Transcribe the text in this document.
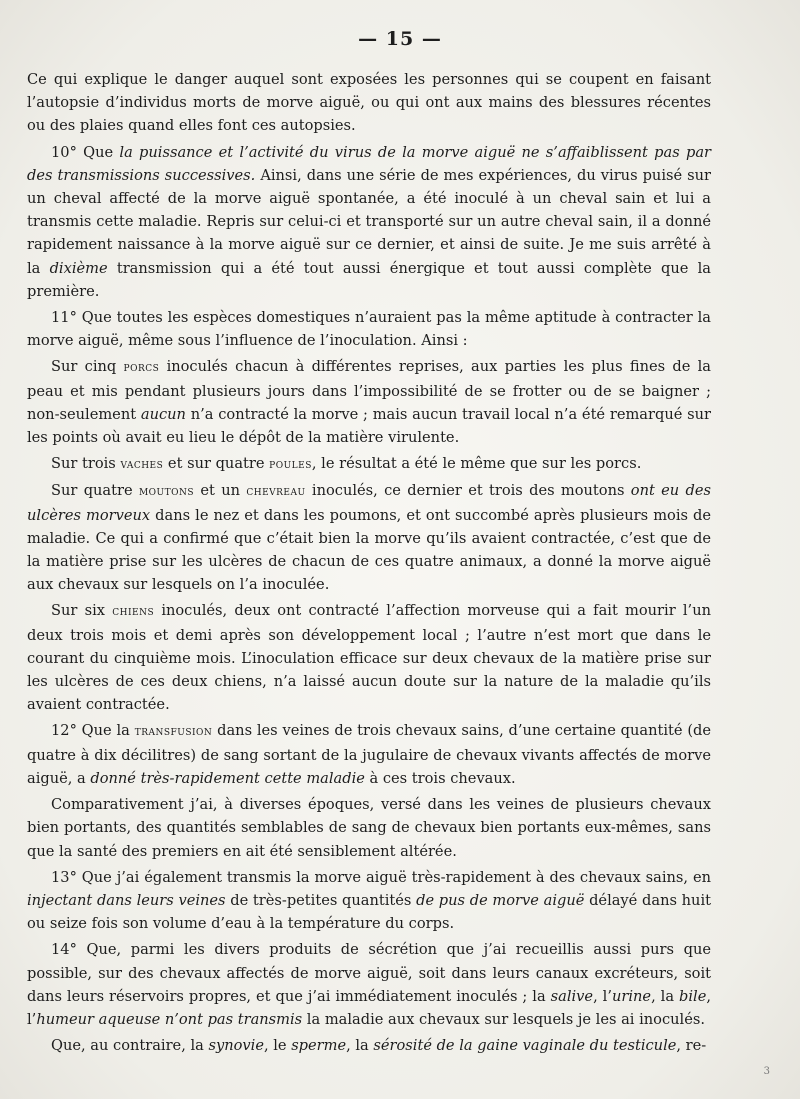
— 15 —

Ce qui explique le danger auquel sont exposées les personnes qui se coupent en faisant l’autopsie d’individus morts de morve aiguë, ou qui ont aux mains des blessures récentes ou des plaies quand elles font ces autopsies.

10° Que la puissance et l’activité du virus de la morve aiguë ne s’affaiblissent pas par des transmissions successives. Ainsi, dans une série de mes expériences, du virus puisé sur un cheval affecté de la morve aiguë spontanée, a été inoculé à un cheval sain et lui a transmis cette maladie. Repris sur celui-ci et transporté sur un autre cheval sain, il a donné rapidement naissance à la morve aiguë sur ce dernier, et ainsi de suite. Je me suis arrêté à la dixième transmission qui a été tout aussi énergique et tout aussi complète que la première.

11° Que toutes les espèces domestiques n’auraient pas la même aptitude à contracter la morve aiguë, même sous l’influence de l’inoculation. Ainsi :

Sur cinq porcs inoculés chacun à différentes reprises, aux parties les plus fines de la peau et mis pendant plusieurs jours dans l’impossibilité de se frotter ou de se baigner ; non-seulement aucun n’a contracté la morve ; mais aucun travail local n’a été remarqué sur les points où avait eu lieu le dépôt de la matière virulente.

Sur trois vaches et sur quatre poules, le résultat a été le même que sur les porcs.

Sur quatre moutons et un chevreau inoculés, ce dernier et trois des moutons ont eu des ulcères morveux dans le nez et dans les poumons, et ont succombé après plusieurs mois de maladie. Ce qui a confirmé que c’était bien la morve qu’ils avaient contractée, c’est que de la matière prise sur les ulcères de chacun de ces quatre animaux, a donné la morve aiguë aux chevaux sur lesquels on l’a inoculée.

Sur six chiens inoculés, deux ont contracté l’affection morveuse qui a fait mourir l’un deux trois mois et demi après son développement local ; l’autre n’est mort que dans le courant du cinquième mois. L’inoculation efficace sur deux chevaux de la matière prise sur les ulcères de ces deux chiens, n’a laissé aucun doute sur la nature de la maladie qu’ils avaient contractée.

12° Que la transfusion dans les veines de trois chevaux sains, d’une certaine quantité (de quatre à dix décilitres) de sang sortant de la jugulaire de chevaux vivants affectés de morve aiguë, a donné très-rapidement cette maladie à ces trois chevaux.

Comparativement j’ai, à diverses époques, versé dans les veines de plusieurs chevaux bien portants, des quantités semblables de sang de chevaux bien portants eux-mêmes, sans que la santé des premiers en ait été sensiblement altérée.

13° Que j’ai également transmis la morve aiguë très-rapidement à des chevaux sains, en injectant dans leurs veines de très-petites quantités de pus de morve aiguë délayé dans huit ou seize fois son volume d’eau à la température du corps.

14° Que, parmi les divers produits de sécrétion que j’ai recueillis aussi purs que possible, sur des chevaux affectés de morve aiguë, soit dans leurs canaux excréteurs, soit dans leurs réservoirs propres, et que j’ai immédiatement inoculés ; la salive, l’urine, la bile, l’humeur aqueuse n’ont pas transmis la maladie aux chevaux sur lesquels je les ai inoculés.

Que, au contraire, la synovie, le sperme, la sérosité de la gaine vaginale du testicule, re-

3
